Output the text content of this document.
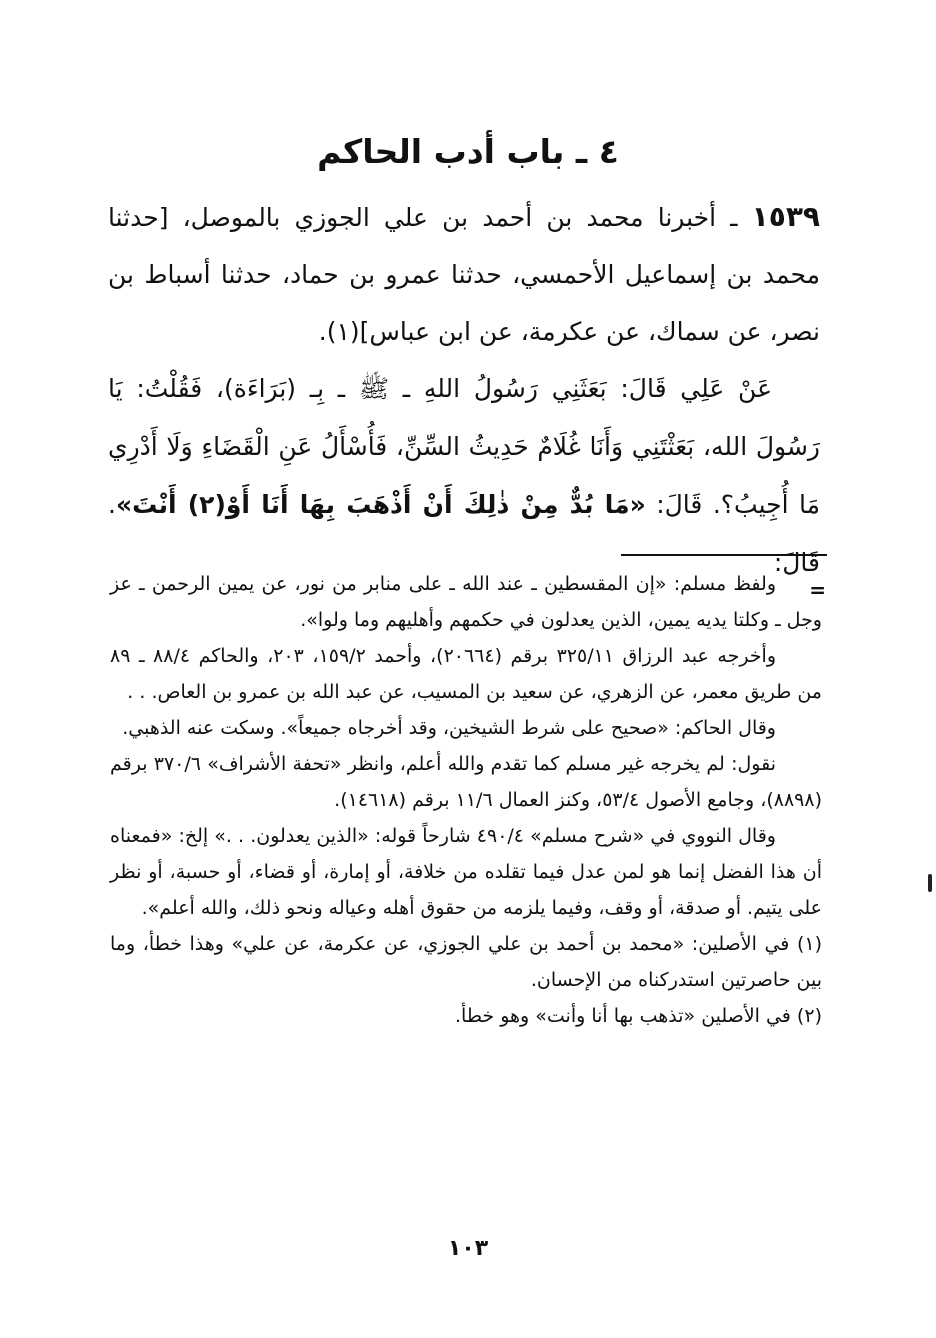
٤ ـ باب أدب الحاكم
١٥٣٩ ـ أخبرنا محمد بن أحمد بن علي الجوزي بالموصل، [حدثنا محمد بن إسماعيل الأحمسي، حدثنا عمرو بن حماد، حدثنا أسباط بن نصر، عن سماك، عن عكرمة، عن ابن عباس](١).
عَنْ عَلِي قَالَ: بَعَثَنِي رَسُولُ اللهِ ـ ﷺ ـ بِـ (بَرَاءَة)، فَقُلْتُ: يَا رَسُولَ الله، بَعَثْتَنِي وَأَنَا غُلَامٌ حَدِيثُ السِّنِّ، فَأُسْأَلُ عَنِ الْقَضَاءِ وَلَا أَدْرِي مَا أُجِيبُ؟. قَالَ: «مَا بُدٌّ مِنْ ذٰلِكَ أَنْ أَذْهَبَ بِهَا أَنَا أَوْ(٢) أَنْتَ». قَالَ:
=

ولفظ مسلم: «إن المقسطين ـ عند الله ـ على منابر من نور، عن يمين الرحمن ـ عز وجل ـ وكلتا يديه يمين، الذين يعدلون في حكمهم وأهليهم وما ولوا».

وأخرجه عبد الرزاق ٣٢٥/١١ برقم (٢٠٦٦٤)، وأحمد ١٥٩/٢، ٢٠٣، والحاكم ٨٨/٤ ـ ٨٩ من طريق معمر، عن الزهري، عن سعيد بن المسيب، عن عبد الله بن عمرو بن العاص. . .

وقال الحاكم: «صحيح على شرط الشيخين، وقد أخرجاه جميعاً». وسكت عنه الذهبي.

نقول: لم يخرجه غير مسلم كما تقدم والله أعلم، وانظر «تحفة الأشراف» ٣٧٠/٦ برقم (٨٨٩٨)، وجامع الأصول ٥٣/٤، وكنز العمال ١١/٦ برقم (١٤٦١٨).

وقال النووي في «شرح مسلم» ٤٩٠/٤ شارحاً قوله: «الذين يعدلون. . .» إلخ: «فمعناه أن هذا الفضل إنما هو لمن عدل فيما تقلده من خلافة، أو إمارة، أو قضاء، أو حسبة، أو نظر على يتيم. أو صدقة، أو وقف، وفيما يلزمه من حقوق أهله وعياله ونحو ذلك، والله أعلم».

(١) في الأصلين: «محمد بن أحمد بن علي الجوزي، عن عكرمة، عن علي» وهذا خطأ، وما بين حاصرتين استدركناه من الإحسان.

(٢) في الأصلين «تذهب بها أنا وأنت» وهو خطأ.

١٠٣
